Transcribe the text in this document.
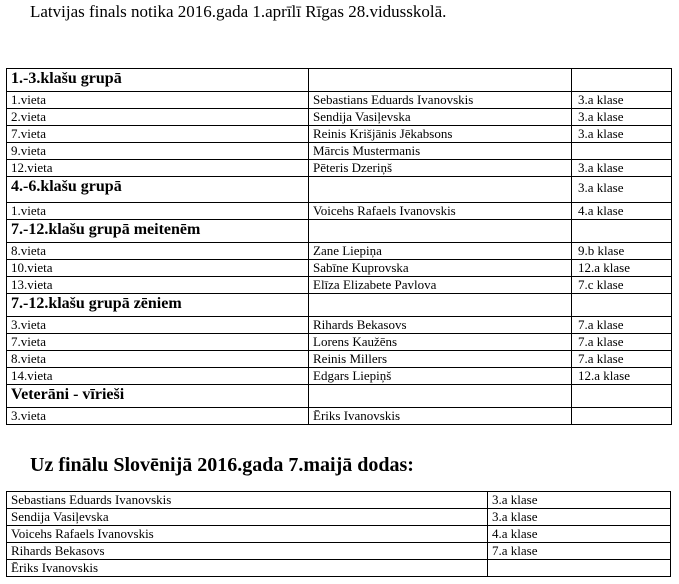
Latvijas finals notika 2016.gada 1.aprīlī Rīgas 28.vidusskolā.
1.-3.klašu grupā		
1.vieta	Sebastians Eduards Ivanovskis	3.a klase
2.vieta	Sendija Vasiļevska	3.a klase
7.vieta	Reinis Krišjānis Jēkabsons	3.a klase
9.vieta	Mārcis Mustermanis	
12.vieta	Pēteris Dzeriņš	3.a klase
4.-6.klašu grupā		3.a klase
1.vieta	Voicehs Rafaels Ivanovskis	4.a klase
7.-12.klašu grupā meitenēm		
8.vieta	Zane Liepiņa	9.b klase
10.vieta	Sabīne Kuprovska	12.a klase
13.vieta	Elīza Elizabete Pavlova	7.c klase
7.-12.klašu grupā zēniem		
3.vieta	Rihards Bekasovs	7.a klase
7.vieta	Lorens Kaužēns	7.a klase
8.vieta	Reinis Millers	7.a klase
14.vieta	Edgars Liepiņš	12.a klase
Veterāni - vīrieši		
3.vieta	Ēriks Ivanovskis	
Uz finālu Slovēnijā 2016.gada 7.maijā dodas:
Sebastians Eduards Ivanovskis	3.a klase
Sendija Vasiļevska	3.a klase
Voicehs Rafaels Ivanovskis	4.a klase
Rihards Bekasovs	7.a klase
Ēriks Ivanovskis	
